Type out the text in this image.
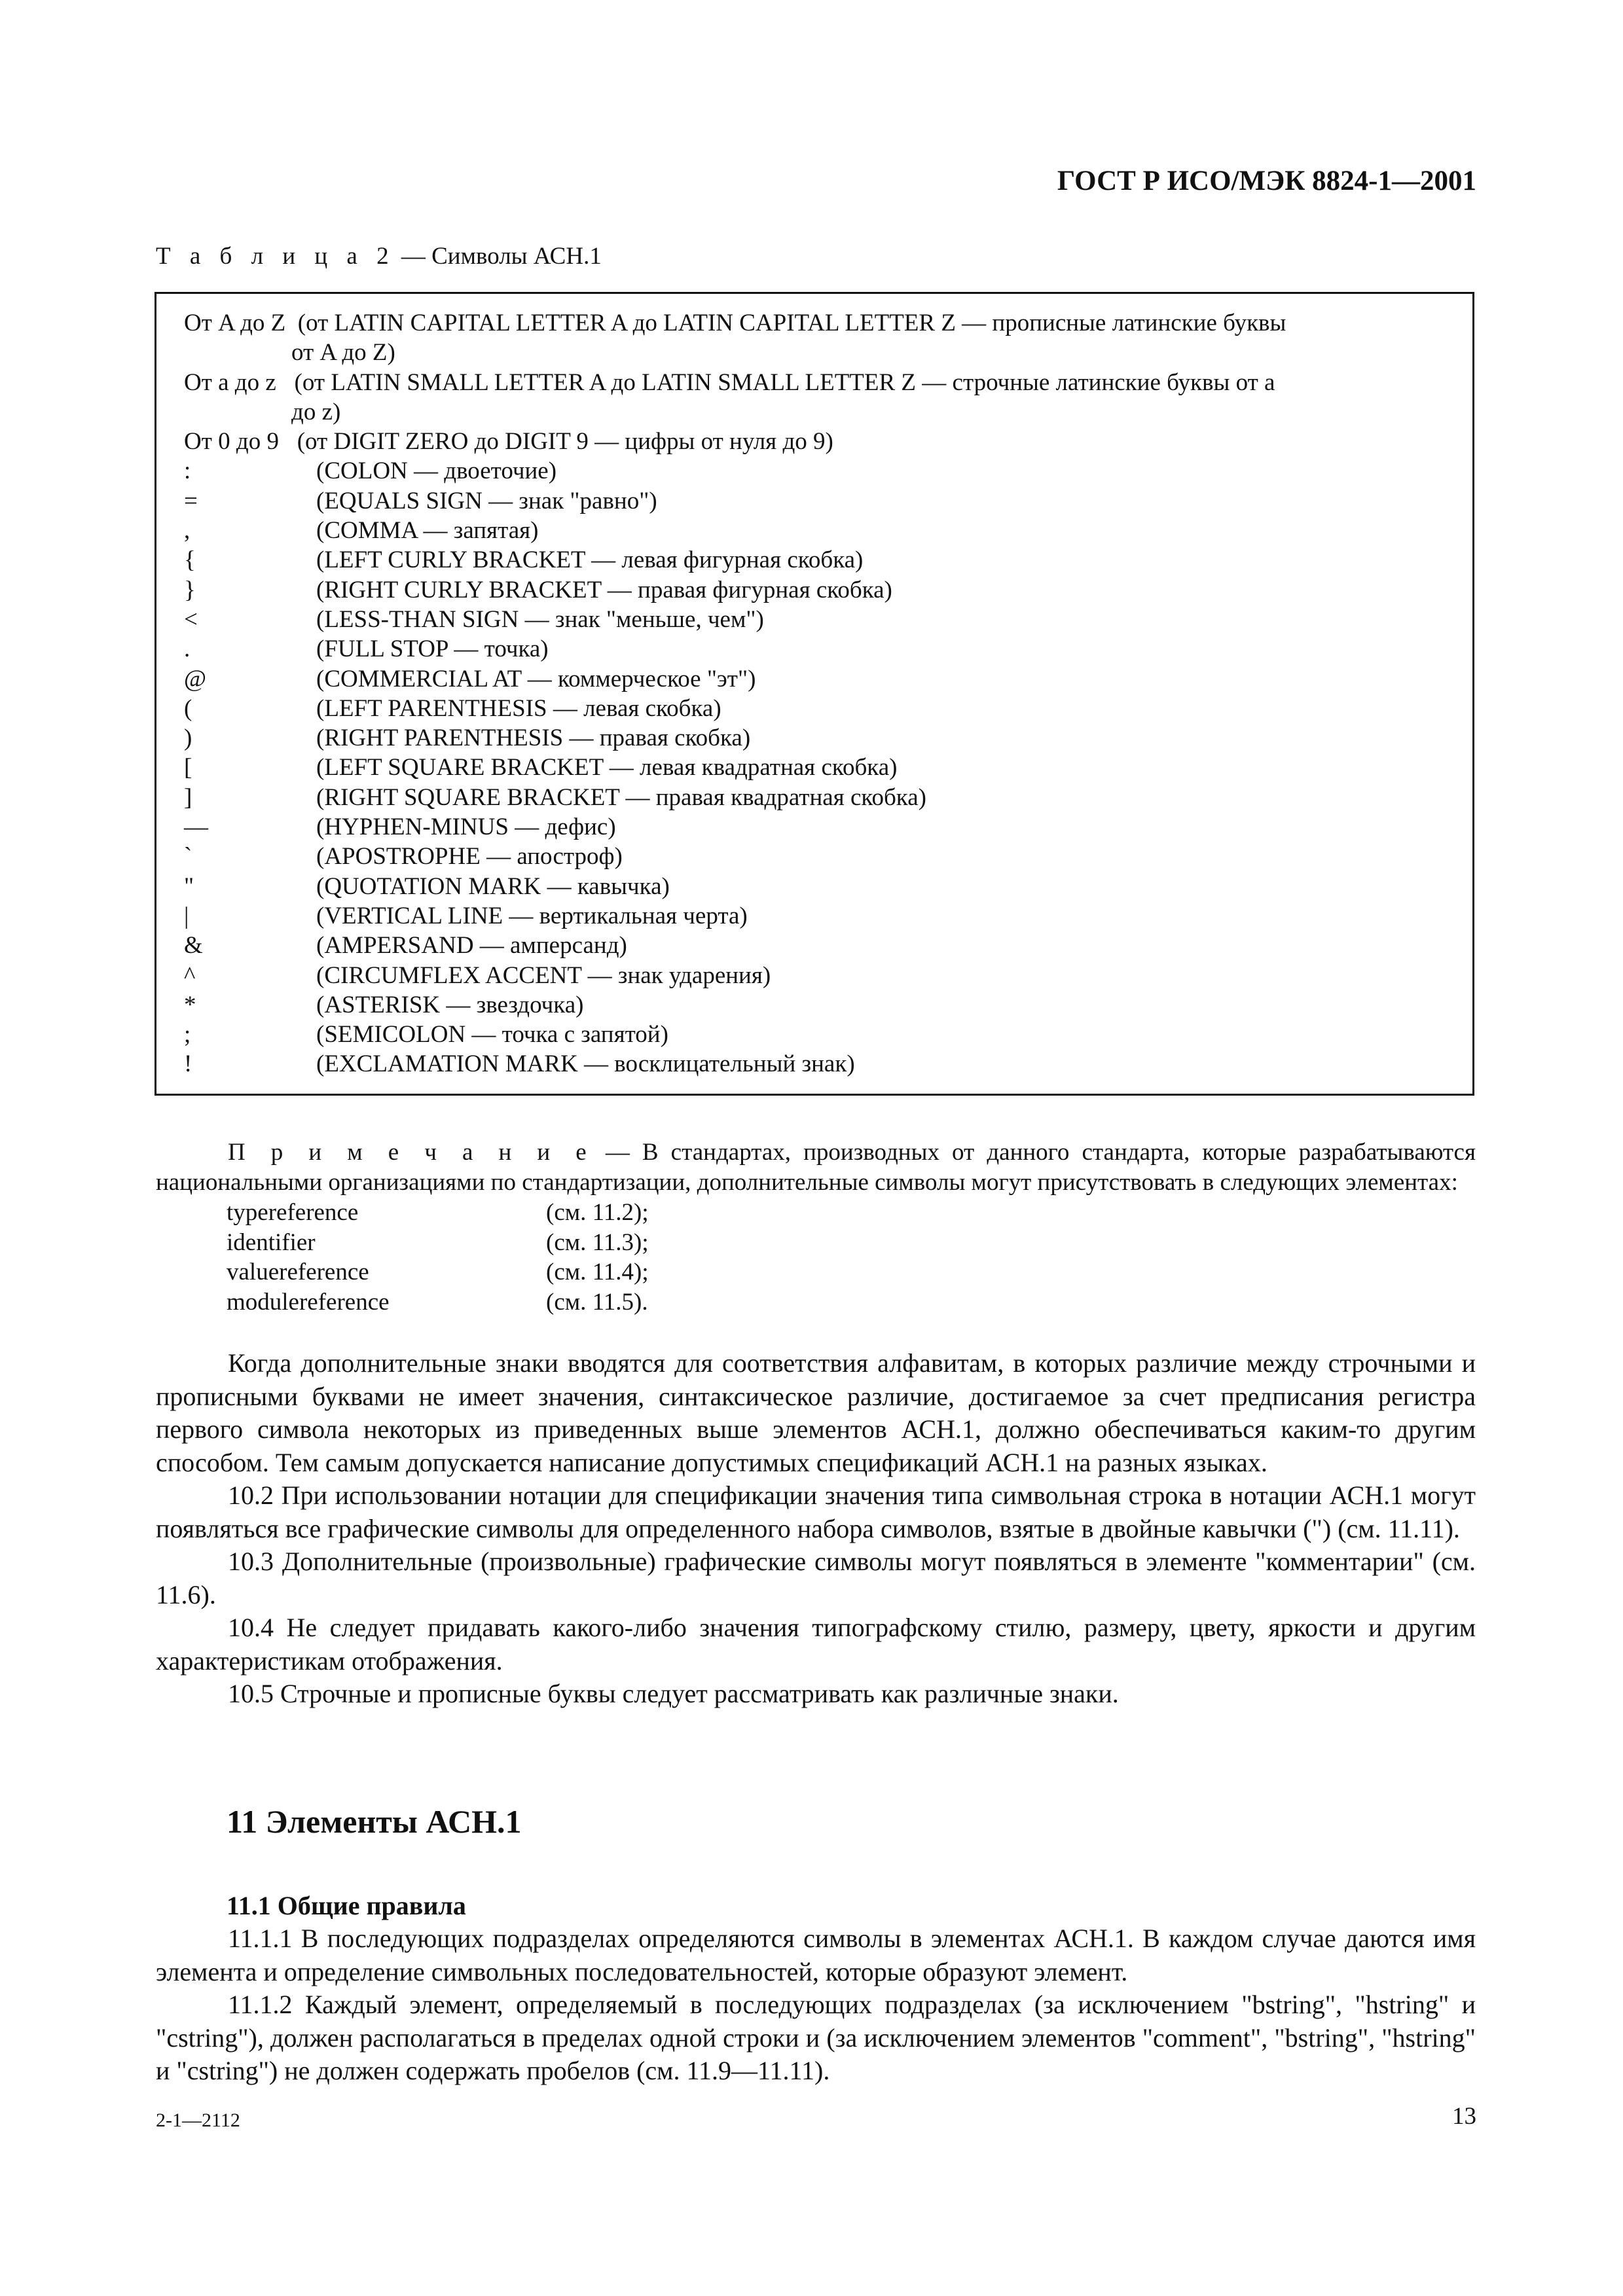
ГОСТ Р ИСО/МЭК 8824-1—2001
Т а б л и ц а 2 — Символы АСН.1
От A до Z  (от LATIN CAPITAL LETTER A до LATIN CAPITAL LETTER Z — прописные латинские буквы
от A до Z)
От a до z   (от LATIN SMALL LETTER A до LATIN SMALL LETTER Z — строчные латинские буквы от a
до z)
От 0 до 9   (от DIGIT ZERO до DIGIT 9 — цифры от нуля до 9)
:	(COLON — двоеточие)
=	(EQUALS SIGN — знак "равно")
,	(COMMA — запятая)
{	(LEFT CURLY BRACKET — левая фигурная скобка)
}	(RIGHT CURLY BRACKET — правая фигурная скобка)
<	(LESS-THAN SIGN — знак "меньше, чем")
.	(FULL STOP — точка)
@	(COMMERCIAL AT — коммерческое "эт")
(	(LEFT PARENTHESIS — левая скобка)
)	(RIGHT PARENTHESIS — правая скобка)
[	(LEFT SQUARE BRACKET — левая квадратная скобка)
]	(RIGHT SQUARE BRACKET — правая квадратная скобка)
—	(HYPHEN-MINUS — дефис)
`	(APOSTROPHE — апостроф)
"	(QUOTATION MARK — кавычка)
|	(VERTICAL LINE — вертикальная черта)
&	(AMPERSAND — амперсанд)
^	(CIRCUMFLEX ACCENT — знак ударения)
*	(ASTERISK — звездочка)
;	(SEMICOLON — точка с запятой)
!	(EXCLAMATION MARK — восклицательный знак)
П р и м е ч а н и е — В стандартах, производных от данного стандарта, которые разрабатываются национальными организациями по стандартизации, дополнительные символы могут присутствовать в следующих элементах:
typereference	(см. 11.2);
identifier	(см. 11.3);
valuereference	(см. 11.4);
modulereference	(см. 11.5).

Когда дополнительные знаки вводятся для соответствия алфавитам, в которых различие между строчными и прописными буквами не имеет значения, синтаксическое различие, достигаемое за счет предписания регистра первого символа некоторых из приведенных выше элементов АСН.1, должно обеспечиваться каким-то другим способом. Тем самым допускается написание допустимых спецификаций АСН.1 на разных языках.

10.2 При использовании нотации для спецификации значения типа символьная строка в нотации АСН.1 могут появляться все графические символы для определенного набора символов, взятые в двойные кавычки (") (см. 11.11).

10.3 Дополнительные (произвольные) графические символы могут появляться в элементе "комментарии" (см. 11.6).

10.4 Не следует придавать какого-либо значения типографскому стилю, размеру, цвету, яркости и другим характеристикам отображения.

10.5 Строчные и прописные буквы следует рассматривать как различные знаки.

11 Элементы АСН.1
11.1 Общие правила

11.1.1 В последующих подразделах определяются символы в элементах АСН.1. В каждом случае даются имя элемента и определение символьных последовательностей, которые образуют элемент.

11.1.2 Каждый элемент, определяемый в последующих подразделах (за исключением "bstring", "hstring" и "cstring"), должен располагаться в пределах одной строки и (за исключением элементов "comment", "bstring", "hstring" и "cstring") не должен содержать пробелов (см. 11.9—11.11).

2-1—2112	13
